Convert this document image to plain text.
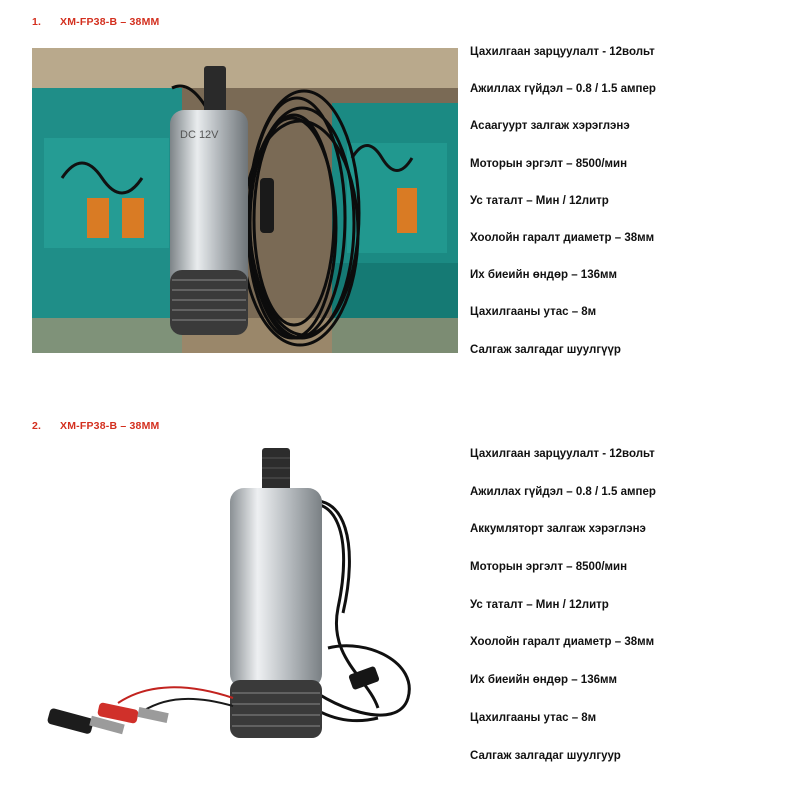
1. XM-FP38-B – 38MM
DC 12V
Цахилгаан зарцуулалт - 12вольт
Ажиллах гүйдэл – 0.8 / 1.5 ампер
Асаагуурт залгаж хэрэглэнэ
Моторын эргэлт – 8500/мин
Ус таталт – Мин / 12литр
Хоолойн гаралт диаметр – 38мм
Их биеийн өндөр – 136мм
Цахилгааны утас – 8м
Салгаж залгадаг шуулгүүр
2. XM-FP38-B – 38MM
Цахилгаан зарцуулалт - 12вольт
Ажиллах гүйдэл – 0.8 / 1.5 ампер
Аккумляторт залгаж хэрэглэнэ
Моторын эргэлт – 8500/мин
Ус таталт – Мин / 12литр
Хоолойн гаралт диаметр – 38мм
Их биеийн өндөр – 136мм
Цахилгааны утас – 8м
Салгаж залгадаг шуулгуур
